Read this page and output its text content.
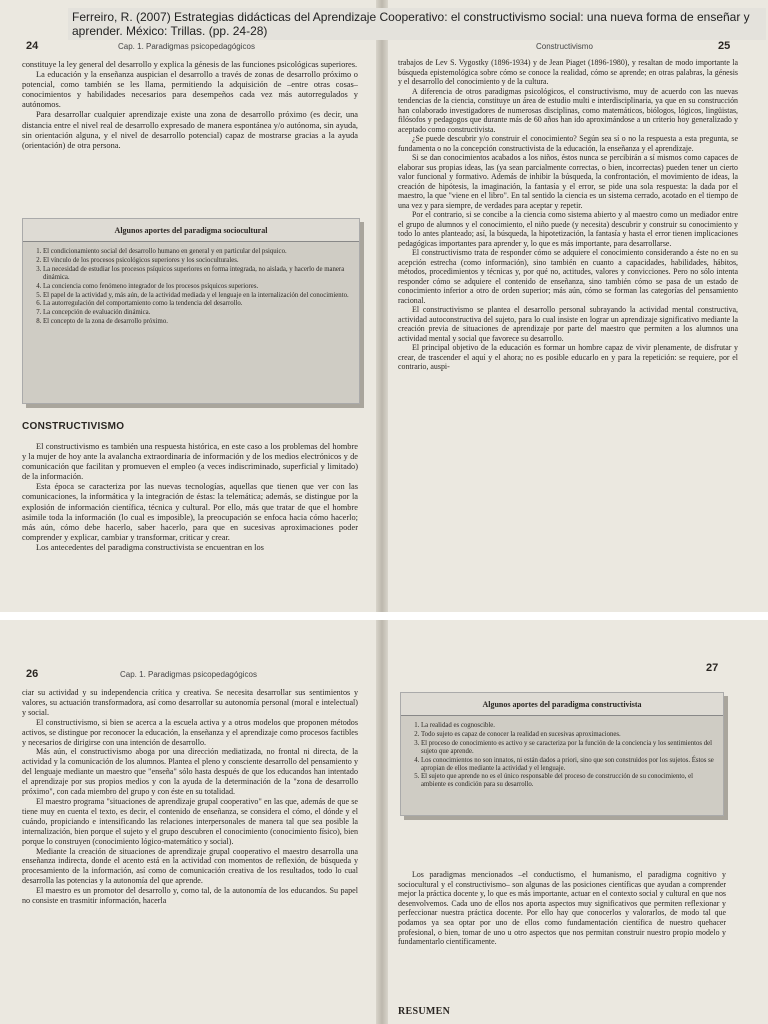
24	Cap. 1. Paradigmas psicopedagógicos

constituye la ley general del desarrollo y explica la génesis de las funciones psicológicas superiores.

La educación y la enseñanza auspician el desarrollo a través de zonas de desarrollo próximo o potencial, como también se les llama, permitiendo la adquisición de –entre otras cosas– conocimientos y habilidades necesarios para desempeños cada vez más autorregulados y autónomos.

Para desarrollar cualquier aprendizaje existe una zona de desarrollo próximo (es decir, una distancia entre el nivel real de desarrollo expresado de manera espontánea y/o autónoma, sin ayuda, sin orientación alguna, y el nivel de desarrollo potencial) capaz de mostrarse gracias a la ayuda (orientación) de otra persona.

Algunos aportes del paradigma sociocultural
1. El condicionamiento social del desarrollo humano en general y en particular del psiquico.
2. El vínculo de los procesos psicológicos superiores y los socioculturales.
3. La necesidad de estudiar los procesos psíquicos superiores en forma integrada, no aislada, y hacerlo de manera dinámica.
4. La conciencia como fenómeno integrador de los procesos psíquicos superiores.
5. El papel de la actividad y, más aún, de la actividad mediada y el lenguaje en la internalización del conocimiento.
6. La autorregulación del comportamiento como la tendencia del desarrollo.
7. La concepción de evaluación dinámica.
8. El concepto de la zona de desarrollo próximo.
CONSTRUCTIVISMO

El constructivismo es también una respuesta histórica, en este caso a los problemas del hombre y la mujer de hoy ante la avalancha extraordinaria de información y de los medios electrónicos y de comunicación que facilitan y promueven el empleo (a veces indiscriminado, superficial y limitado) de la información.

Esta época se caracteriza por las nuevas tecnologías, aquellas que tienen que ver con las comunicaciones, la informática y la integración de éstas: la telemática; además, se distingue por la explosión de información científica, técnica y cultural. Por ello, más que tratar de que el hombre asimile toda la información (lo cual es imposible), la preocupación se enfoca hacia cómo hacerlo; más aún, cómo debe hacerlo, saber hacerlo, para que en sucesivas aproximaciones poder comprender y explicar, cambiar y transformar, criticar y crear.

Los antecedentes del paradigma constructivista se encuentran en los

Constructivismo	25

trabajos de Lev S. Vygostky (1896-1934) y de Jean Piaget (1896-1980), y resaltan de modo importante la búsqueda epistemológica sobre cómo se conoce la realidad, cómo se aprende; en otras palabras, la génesis y el desarrollo del conocimiento y de la cultura.

A diferencia de otros paradigmas psicológicos, el constructivismo, muy de acuerdo con las nuevas tendencias de la ciencia, constituye un área de estudio multi e interdisciplinaria, ya que en su construcción han colaborado investigadores de numerosas disciplinas, como matemáticos, biólogos, lógicos, lingüistas, filósofos y pedagogos que durante más de 60 años han ido aproximándose a un criterio hoy generalizado y aceptado como constructivista.

¿Se puede descubrir y/o construir el conocimiento? Según sea sí o no la respuesta a esta pregunta, se fundamenta o no la concepción constructivista de la educación, la enseñanza y el aprendizaje.

Si se dan conocimientos acabados a los niños, éstos nunca se percibirán a sí mismos como capaces de elaborar sus propias ideas, las (ya sean parcialmente correctas, o bien, incorrectas) pueden tener un cierto valor funcional y formativo. Además de inhibir la búsqueda, la confrontación, el movimiento de ideas, la creación de hipótesis, la imaginación, la fantasía y el error, se pide una sola respuesta: la dada por el maestro, la que "viene en el libro". En tal sentido la ciencia es un sistema cerrado, acotado en el tiempo de una vez y para siempre, de verdades para aceptar y repetir.

Por el contrario, si se concibe a la ciencia como sistema abierto y al maestro como un mediador entre el grupo de alumnos y el conocimiento, el niño puede (y necesita) descubrir y construir su conocimiento y todo lo antes planteado; así, la búsqueda, la hipotetización, la fantasía y hasta el error tienen implicaciones pedagógicas importantes para aprender y, lo que es más importante, para desarrollarse.

El constructivismo trata de responder cómo se adquiere el conocimiento considerando a éste no en su acepción estrecha (como información), sino también en cuanto a capacidades, habilidades, hábitos, métodos, procedimientos y técnicas y, por qué no, actitudes, valores y convicciones. Pero no sólo intenta responder cómo se adquiere el contenido de enseñanza, sino también cómo se pasa de un estado de conocimiento inferior a otro de orden superior; más aún, cómo se forman las categorías del pensamiento racional.

El constructivismo se plantea el desarrollo personal subrayando la actividad mental constructiva, actividad autoconstructiva del sujeto, para lo cual insiste en lograr un aprendizaje significativo mediante la creación previa de situaciones de aprendizaje por parte del maestro que permiten a los alumnos una actividad mental y social que favorece su desarrollo.

El principal objetivo de la educación es formar un hombre capaz de vivir plenamente, de disfrutar y crear, de trascender el aquí y el ahora; no es posible educarlo en y para la repetición: se requiere, por el contrario, auspi-

Ferreiro, R. (2007) Estrategias didácticas del Aprendizaje Cooperativo: el constructivismo social: una nueva forma de enseñar y aprender. México: Trillas. (pp. 24-28)
26	Cap. 1. Paradigmas psicopedagógicos

ciar su actividad y su independencia crítica y creativa. Se necesita desarrollar sus sentimientos y valores, su actuación transformadora, así como desarrollar su autonomía personal (moral e intelectual) y social.

El constructivismo, si bien se acerca a la escuela activa y a otros modelos que proponen métodos activos, se distingue por reconocer la educación, la enseñanza y el aprendizaje como procesos factibles y necesarios de dirigirse con una intención de desarrollo.

Más aún, el constructivismo aboga por una dirección mediatizada, no frontal ni directa, de la actividad y la comunicación de los alumnos. Plantea el pleno y consciente desarrollo del pensamiento y del lenguaje mediante un maestro que "enseña" sólo hasta después de que los educandos han intentado el aprendizaje por sus propios medios y con la ayuda de la determinación de la "zona de desarrollo próximo", con cada miembro del grupo y con éste en su totalidad.

El maestro programa "situaciones de aprendizaje grupal cooperativo" en las que, además de que se tiene muy en cuenta el texto, es decir, el contenido de enseñanza, se considera el cómo, el dónde y el cuándo, propiciando e intensificando las relaciones interpersonales de manera tal que sea posible la internalización, bien porque el sujeto y el grupo descubren el conocimiento (conocimiento físico), bien porque lo construyen (conocimiento lógico-matemático y social).

Mediante la creación de situaciones de aprendizaje grupal cooperativo el maestro desarrolla una enseñanza indirecta, donde el acento está en la actividad con momentos de reflexión, de búsqueda y procesamiento de la información, así como de comunicación creativa de los resultados, todo lo cual desarrolla las potencias y la autonomía del que aprende.

El maestro es un promotor del desarrollo y, como tal, de la autonomía de los educandos. Su papel no consiste en trasmitir información, hacerla

27
Algunos aportes del paradigma constructivista
1. La realidad es cognoscible.
2. Todo sujeto es capaz de conocer la realidad en sucesivas aproximaciones.
3. El proceso de conocimiento es activo y se caracteriza por la función de la conciencia y los sentimientos del sujeto que aprende.
4. Los conocimientos no son innatos, ni están dados a priori, sino que son construidos por los sujetos. Éstos se apropian de ellos mediante la actividad y el lenguaje.
5. El sujeto que aprende no es el único responsable del proceso de construcción de su conocimiento, el ambiente es condición para su desarrollo.

Los paradigmas mencionados –el conductismo, el humanismo, el paradigma cognitivo y sociocultural y el constructivismo– son algunas de las posiciones científicas que ayudan a comprender mejor la práctica docente y, lo que es más importante, actuar en el contexto social y cultural en que nos desenvolvemos. Cada uno de ellos nos aporta aspectos muy significativos que permiten reflexionar y perfeccionar nuestra práctica docente. Por ello hay que conocerlos y valorarlos, de modo tal que podamos ya sea optar por uno de ellos como fundamentación científica de nuestro quehacer profesional, o bien, tomar de uno u otro aspectos que nos permitan construir nuestro propio modelo y fundamentarlo científicamente.

RESUMEN
